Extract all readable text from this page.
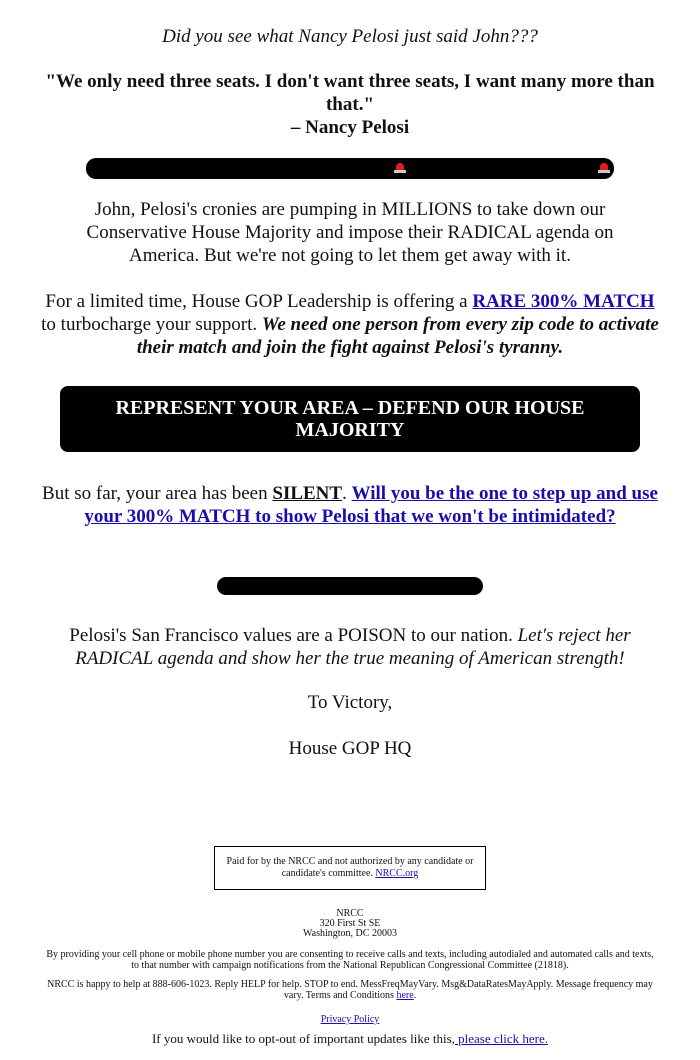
Did you see what Nancy Pelosi just said John???
"We only need three seats. I don't want three seats, I want many more than that."
– Nancy Pelosi
John, Pelosi's cronies are pumping in MILLIONS to take down our Conservative House Majority and impose their RADICAL agenda on America. But we're not going to let them get away with it.
For a limited time, House GOP Leadership is offering a RARE 300% MATCH to turbocharge your support. We need one person from every zip code to activate their match and join the fight against Pelosi's tyranny.
REPRESENT YOUR AREA – DEFEND OUR HOUSE MAJORITY
But so far, your area has been SILENT. Will you be the one to step up and use your 300% MATCH to show Pelosi that we won't be intimidated?
Pelosi's San Francisco values are a POISON to our nation. Let's reject her RADICAL agenda and show her the true meaning of American strength!
To Victory,
House GOP HQ
Paid for by the NRCC and not authorized by any candidate or candidate's committee. NRCC.org
NRCC
320 First St SE
Washington, DC 20003
By providing your cell phone or mobile phone number you are consenting to receive calls and texts, including autodialed and automated calls and texts, to that number with campaign notifications from the National Republican Congressional Committee (21818).
NRCC is happy to help at 888-606-1023. Reply HELP for help. STOP to end. MessFreqMayVary. Msg&DataRatesMayApply. Message frequency may vary. Terms and Conditions here.
Privacy Policy
If you would like to opt-out of important updates like this, please click here.
